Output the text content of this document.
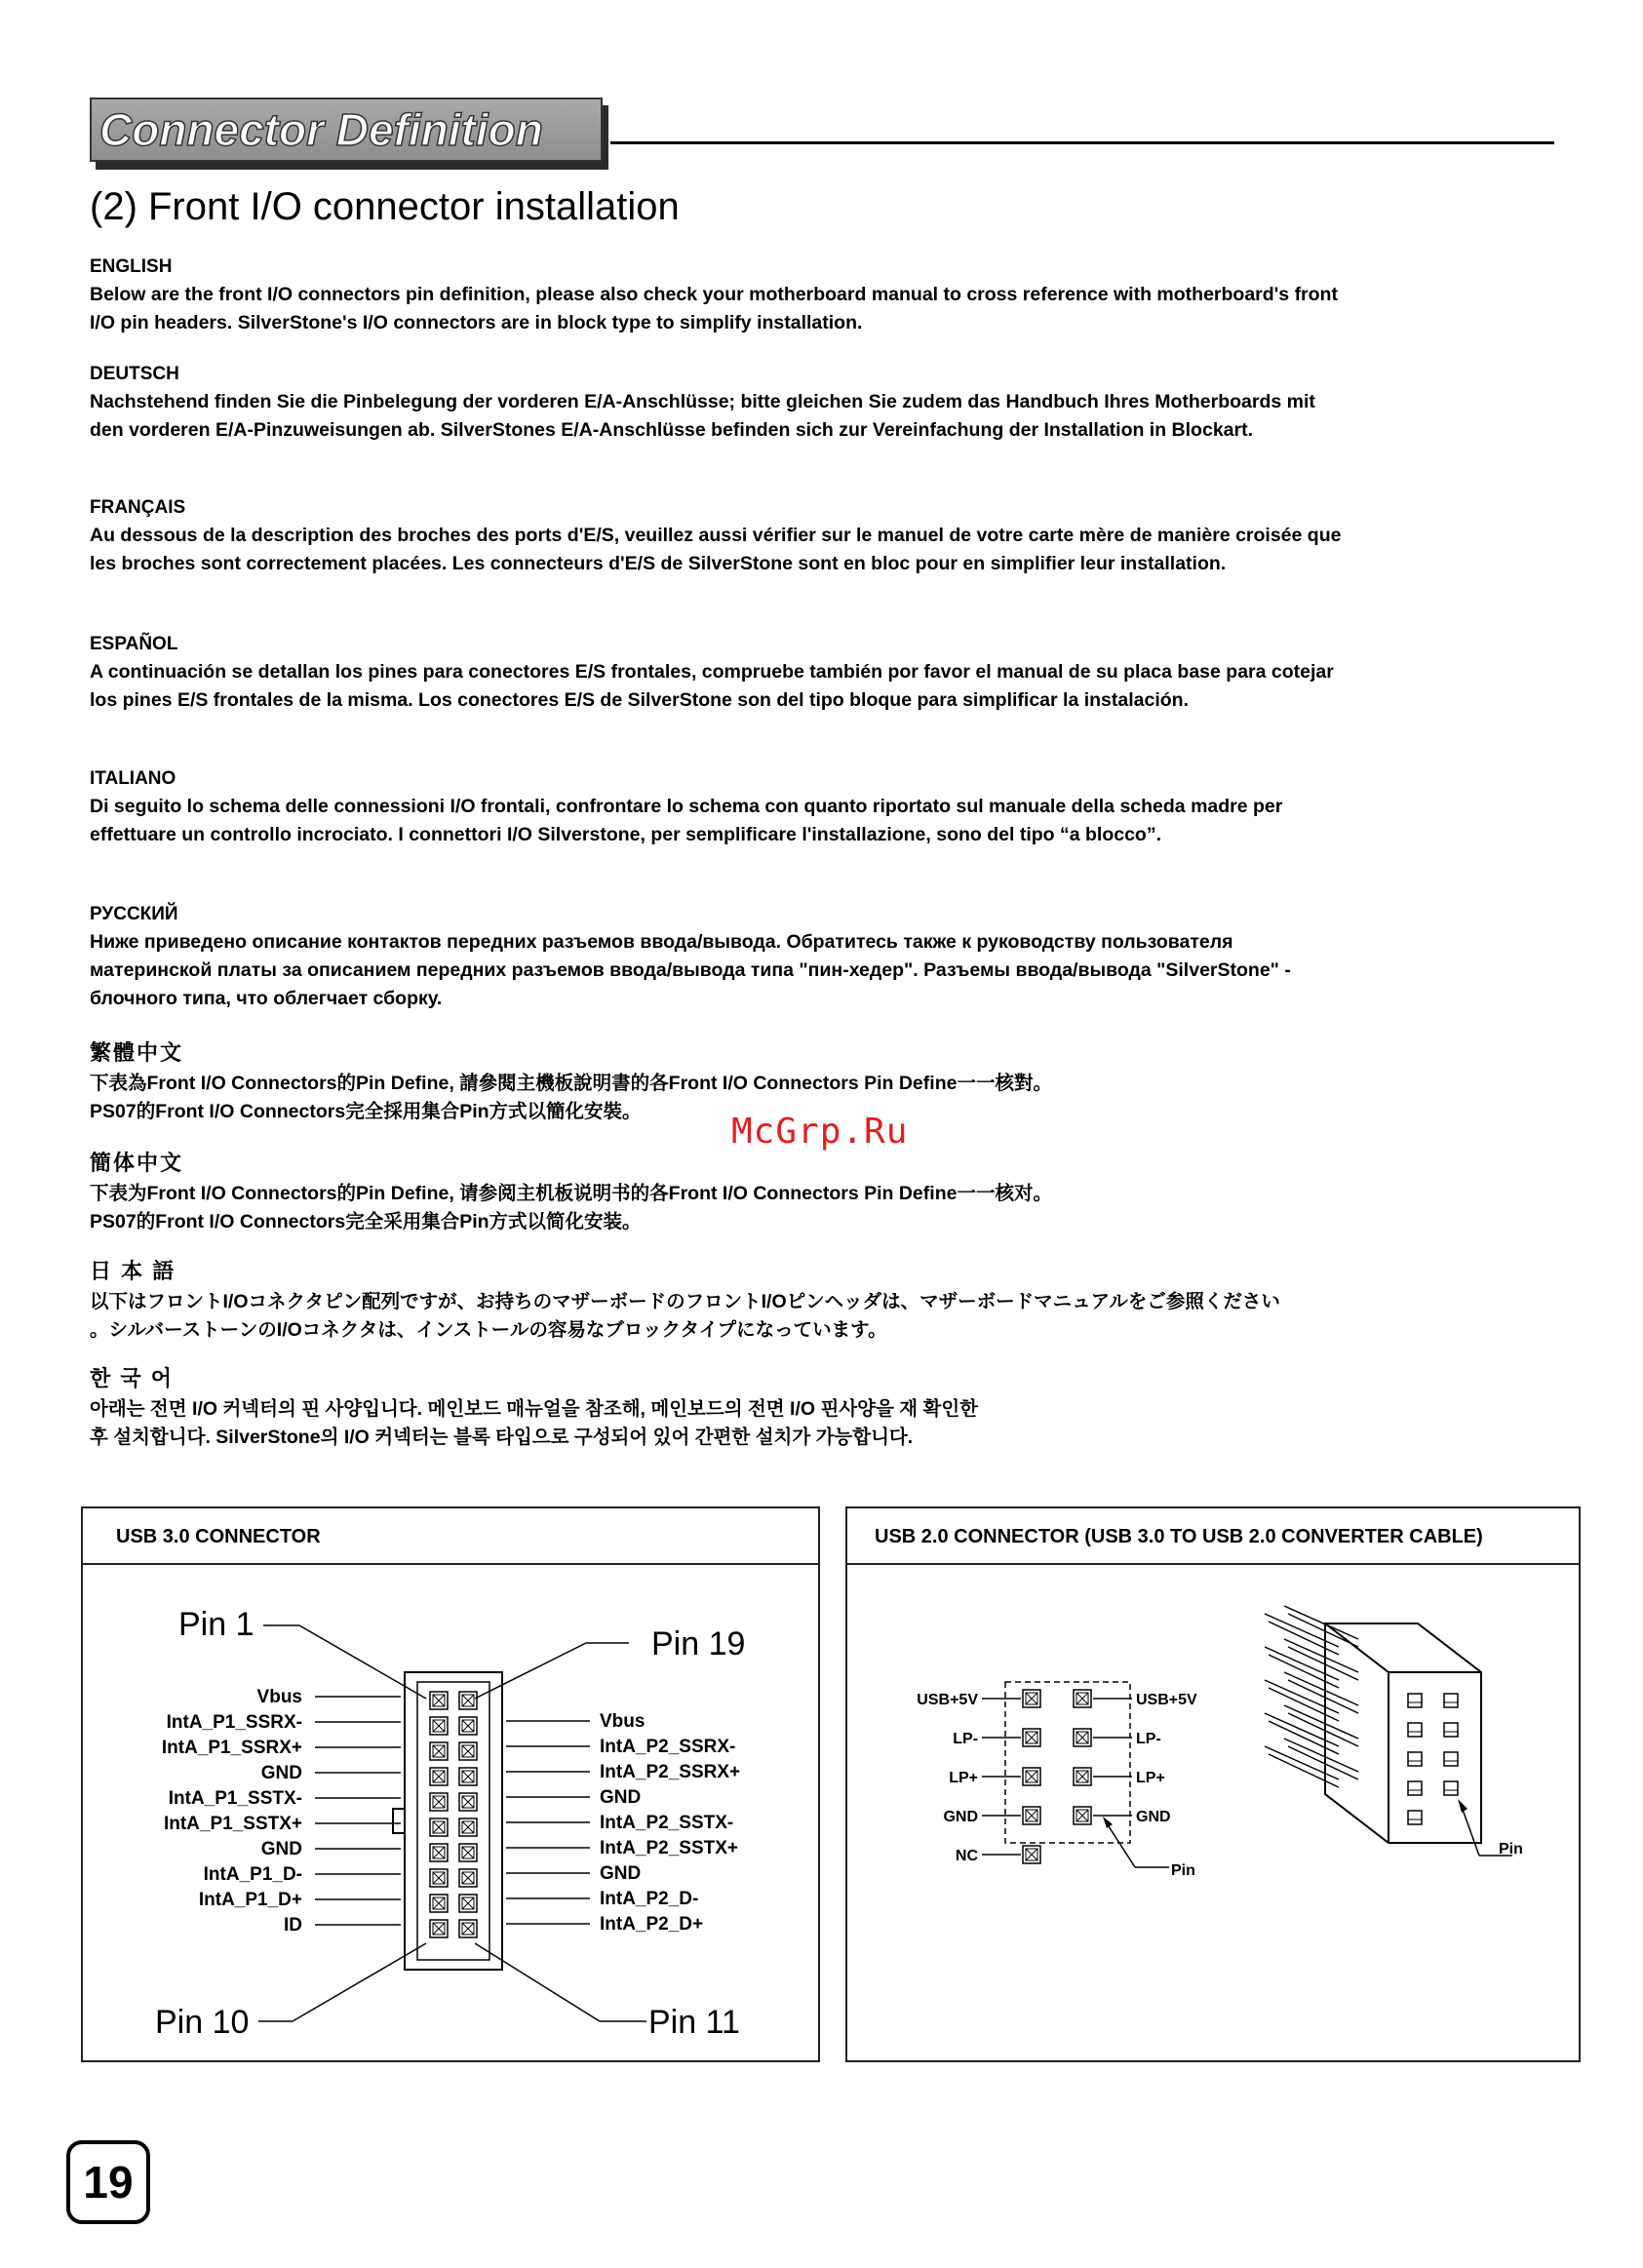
Connector Definition
(2) Front I/O connector installation
ENGLISH

Below are the front I/O connectors pin definition, please also check your motherboard manual to cross reference with motherboard's front

I/O pin headers. SilverStone's I/O connectors are in block type to simplify installation.

DEUTSCH

Nachstehend finden Sie die Pinbelegung der vorderen E/A-Anschlüsse; bitte gleichen Sie zudem das Handbuch Ihres Motherboards mit

den vorderen E/A-Pinzuweisungen ab. SilverStones E/A-Anschlüsse befinden sich zur Vereinfachung der Installation in Blockart.

FRANÇAIS

Au dessous de la description des broches des ports d'E/S, veuillez aussi vérifier sur le manuel de votre carte mère de manière croisée que

les broches sont correctement placées. Les connecteurs d'E/S de SilverStone sont en bloc pour en simplifier leur installation.

ESPAÑOL

A continuación se detallan los pines para conectores E/S frontales, compruebe también por favor el manual de su placa base para cotejar

los pines E/S frontales de la misma. Los conectores E/S de SilverStone son del tipo bloque para simplificar la instalación.

ITALIANO

Di seguito lo schema delle connessioni I/O frontali, confrontare lo schema con quanto riportato sul manuale della scheda madre per

effettuare un controllo incrociato. I connettori I/O Silverstone, per semplificare l'installazione, sono del tipo “a blocco”.

РУССКИЙ

Ниже приведено описание контактов передних разъемов ввода/вывода. Обратитесь также к руководству пользователя

материнской платы за описанием передних разъемов ввода/вывода типа "пин-хедер". Разъемы ввода/вывода "SilverStone" -

блочного типа, что облегчает сборку.

繁體中文

下表為Front I/O Connectors的Pin Define, 請參閱主機板說明書的各Front I/O Connectors Pin Define一一核對。

PS07的Front I/O Connectors完全採用集合Pin方式以簡化安裝。

簡体中文

下表为Front I/O Connectors的Pin Define, 请参阅主机板说明书的各Front I/O Connectors Pin Define一一核对。

PS07的Front I/O Connectors完全采用集合Pin方式以简化安装。

日 本 語

以下はフロントI/Oコネクタピン配列ですが、お持ちのマザーボードのフロントI/Oピンヘッダは、マザーボードマニュアルをご参照ください

。シルバーストーンのI/Oコネクタは、インストールの容易なブロックタイプになっています。

한 국 어

아래는 전면 I/O 커넥터의 핀 사양입니다. 메인보드 매뉴얼을 참조해, 메인보드의 전면 I/O 핀사양을 재 확인한

후 설치합니다. SilverStone의 I/O 커넥터는 블록 타입으로 구성되어 있어 간편한 설치가 가능합니다.

McGrp.Ru
USB 3.0 CONNECTOR
Pin 1
Pin 19
Pin 10	Pin 11
Vbus
IntA_P1_SSRX-
IntA_P1_SSRX+
GND
IntA_P1_SSTX-
IntA_P1_SSTX+
GND
IntA_P1_D-
IntA_P1_D+
ID
Vbus
IntA_P2_SSRX-
IntA_P2_SSRX+
GND
IntA_P2_SSTX-
IntA_P2_SSTX+
GND
IntA_P2_D-
IntA_P2_D+
USB 2.0 CONNECTOR (USB 3.0 TO USB 2.0 CONVERTER CABLE)
USB+5V
LP-
LP+
GND
NC
USB+5V
LP-
LP+
GND
Pin
Pin
19
